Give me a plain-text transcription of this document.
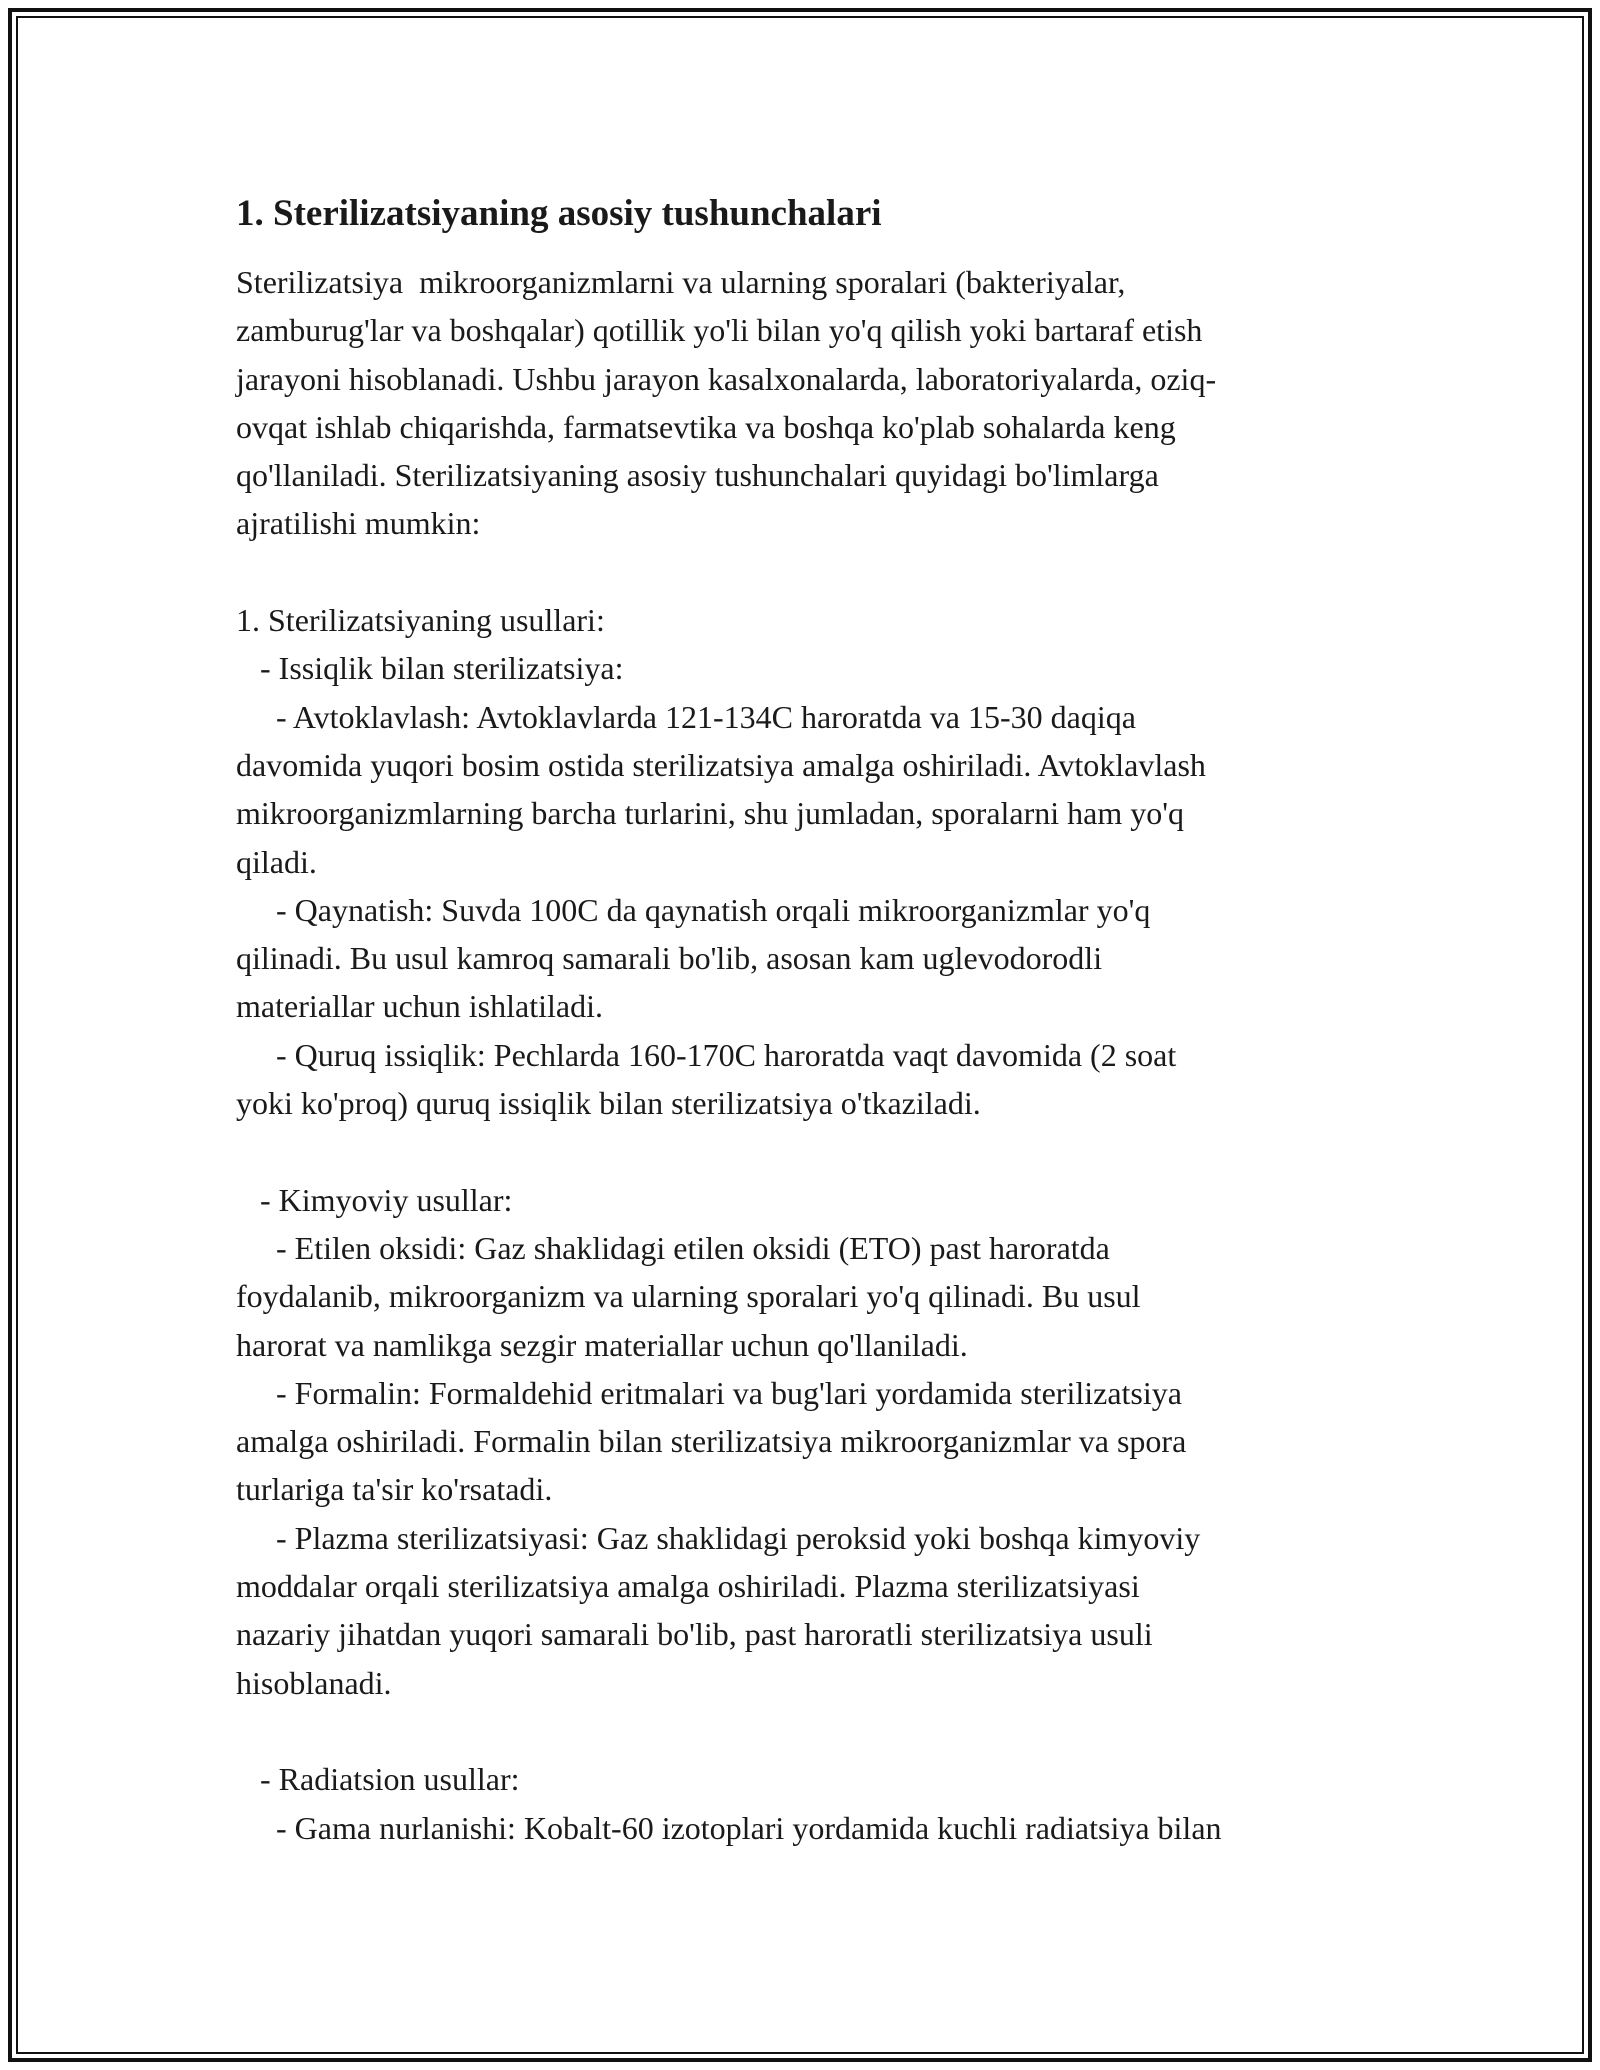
1. Sterilizatsiyaning asosiy tushunchalari
Sterilizatsiya  mikroorganizmlarni va ularning sporalari (bakteriyalar,
zamburug'lar va boshqalar) qotillik yo'li bilan yo'q qilish yoki bartaraf etish
jarayoni hisoblanadi. Ushbu jarayon kasalxonalarda, laboratoriyalarda, oziq-
ovqat ishlab chiqarishda, farmatsevtika va boshqa ko'plab sohalarda keng
qo'llaniladi. Sterilizatsiyaning asosiy tushunchalari quyidagi bo'limlarga
ajratilishi mumkin:
1. Sterilizatsiyaning usullari:
- Issiqlik bilan sterilizatsiya:
- Avtoklavlash: Avtoklavlarda 121-134C haroratda va 15-30 daqiqa
davomida yuqori bosim ostida sterilizatsiya amalga oshiriladi. Avtoklavlash
mikroorganizmlarning barcha turlarini, shu jumladan, sporalarni ham yo'q
qiladi.
- Qaynatish: Suvda 100C da qaynatish orqali mikroorganizmlar yo'q
qilinadi. Bu usul kamroq samarali bo'lib, asosan kam uglevodorodli
materiallar uchun ishlatiladi.
- Quruq issiqlik: Pechlarda 160-170C haroratda vaqt davomida (2 soat
yoki ko'proq) quruq issiqlik bilan sterilizatsiya o'tkaziladi.
- Kimyoviy usullar:
- Etilen oksidi: Gaz shaklidagi etilen oksidi (ETO) past haroratda
foydalanib, mikroorganizm va ularning sporalari yo'q qilinadi. Bu usul
harorat va namlikga sezgir materiallar uchun qo'llaniladi.
- Formalin: Formaldehid eritmalari va bug'lari yordamida sterilizatsiya
amalga oshiriladi. Formalin bilan sterilizatsiya mikroorganizmlar va spora
turlariga ta'sir ko'rsatadi.
- Plazma sterilizatsiyasi: Gaz shaklidagi peroksid yoki boshqa kimyoviy
moddalar orqali sterilizatsiya amalga oshiriladi. Plazma sterilizatsiyasi
nazariy jihatdan yuqori samarali bo'lib, past haroratli sterilizatsiya usuli
hisoblanadi.
- Radiatsion usullar:
- Gama nurlanishi: Kobalt-60 izotoplari yordamida kuchli radiatsiya bilan
